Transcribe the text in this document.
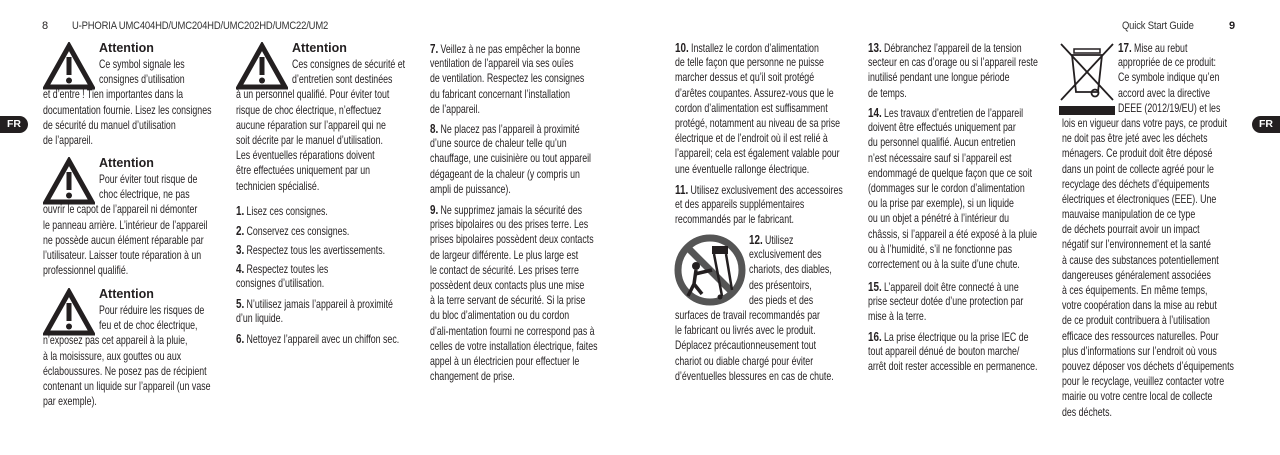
8 U-PHORIA UMC404HD/UMC204HD/UMC202HD/UMC22/UM2	Quick Start Guide	9
FR	FR
Attention
Ce symbol signale les
consignes d’utilisation
et d’entre ! Tien importantes dans la
documentation fournie. Lisez les consignes
de sécurité du manuel d’utilisation
de l’appareil.
Attention
Pour éviter tout risque de
choc électrique, ne pas
ouvrir le capot de l’appareil ni démonter
le panneau arrière. L’intérieur de l’appareil
ne possède aucun élément réparable par
l’utilisateur. Laisser toute réparation à un
professionnel qualifié.
Attention
Pour réduire les risques de
feu et de choc électrique,
n’exposez pas cet appareil à la pluie,
à la moisissure, aux gouttes ou aux
éclaboussures. Ne posez pas de récipient
contenant un liquide sur l’appareil (un vase
par exemple).
Attention
Ces consignes de sécurité et
d’entretien sont destinées
à un personnel qualifié. Pour éviter tout
risque de choc électrique, n’effectuez
aucune réparation sur l’appareil qui ne
soit décrite par le manuel d’utilisation.
Les éventuelles réparations doivent
être effectuées uniquement par un
technicien spécialisé.
1. Lisez ces consignes.
2. Conservez ces consignes.
3. Respectez tous les avertissements.
4. Respectez toutes les
consignes d’utilisation.
5. N’utilisez jamais l’appareil à proximité
d’un liquide.
6. Nettoyez l’appareil avec un chiffon sec.
7. Veillez à ne pas empêcher la bonne
ventilation de l’appareil via ses ouïes
de ventilation. Respectez les consignes
du fabricant concernant l’installation
de l’appareil.
8. Ne placez pas l’appareil à proximité
d’une source de chaleur telle qu’un
chauffage, une cuisinière ou tout appareil
dégageant de la chaleur (y compris un
ampli de puissance).
9. Ne supprimez jamais la sécurité des
prises bipolaires ou des prises terre. Les
prises bipolaires possèdent deux contacts
de largeur différente. Le plus large est
le contact de sécurité. Les prises terre
possèdent deux contacts plus une mise
à la terre servant de sécurité. Si la prise
du bloc d’alimentation ou du cordon
d’ali-mentation fourni ne correspond pas à
celles de votre installation électrique, faites
appel à un électricien pour effectuer le
changement de prise.
10. Installez le cordon d’alimentation
de telle façon que personne ne puisse
marcher dessus et qu’il soit protégé
d’arêtes coupantes. Assurez-vous que le
cordon d’alimentation est suffisamment
protégé, notamment au niveau de sa prise
électrique et de l’endroit où il est relié à
l’appareil; cela est également valable pour
une éventuelle rallonge électrique.
11. Utilisez exclusivement des accessoires
et des appareils supplémentaires
recommandés par le fabricant.
12. Utilisez
exclusivement des
chariots, des diables,
des présentoirs,
des pieds et des
surfaces de travail recommandés par
le fabricant ou livrés avec le produit.
Déplacez précautionneusement tout
chariot ou diable chargé pour éviter
d’éventuelles blessures en cas de chute.
13. Débranchez l’appareil de la tension
secteur en cas d’orage ou si l’appareil reste
inutilisé pendant une longue période
de temps.
14. Les travaux d’entretien de l’appareil
doivent être effectués uniquement par
du personnel qualifié. Aucun entretien
n’est nécessaire sauf si l’appareil est
endommagé de quelque façon que ce soit
(dommages sur le cordon d’alimentation
ou la prise par exemple), si un liquide
ou un objet a pénétré à l’intérieur du
châssis, si l’appareil a été exposé à la pluie
ou à l’humidité, s’il ne fonctionne pas
correctement ou à la suite d’une chute.
15. L’appareil doit être connecté à une
prise secteur dotée d’une protection par
mise à la terre.
16. La prise électrique ou la prise IEC de
tout appareil dénué de bouton marche/
arrêt doit rester accessible en permanence.
17. Mise au rebut
appropriée de ce produit:
Ce symbole indique qu’en
accord avec la directive
DEEE (2012/19/EU) et les
lois en vigueur dans votre pays, ce produit
ne doit pas être jeté avec les déchets
ménagers. Ce produit doit être déposé
dans un point de collecte agréé pour le
recyclage des déchets d’équipements
électriques et électroniques (EEE). Une
mauvaise manipulation de ce type
de déchets pourrait avoir un impact
négatif sur l’environnement et la santé
à cause des substances potentiellement
dangereuses généralement associées
à ces équipements. En même temps,
votre coopération dans la mise au rebut
de ce produit contribuera à l’utilisation
efficace des ressources naturelles. Pour
plus d’informations sur l’endroit où vous
pouvez déposer vos déchets d’équipements
pour le recyclage, veuillez contacter votre
mairie ou votre centre local de collecte
des déchets.
